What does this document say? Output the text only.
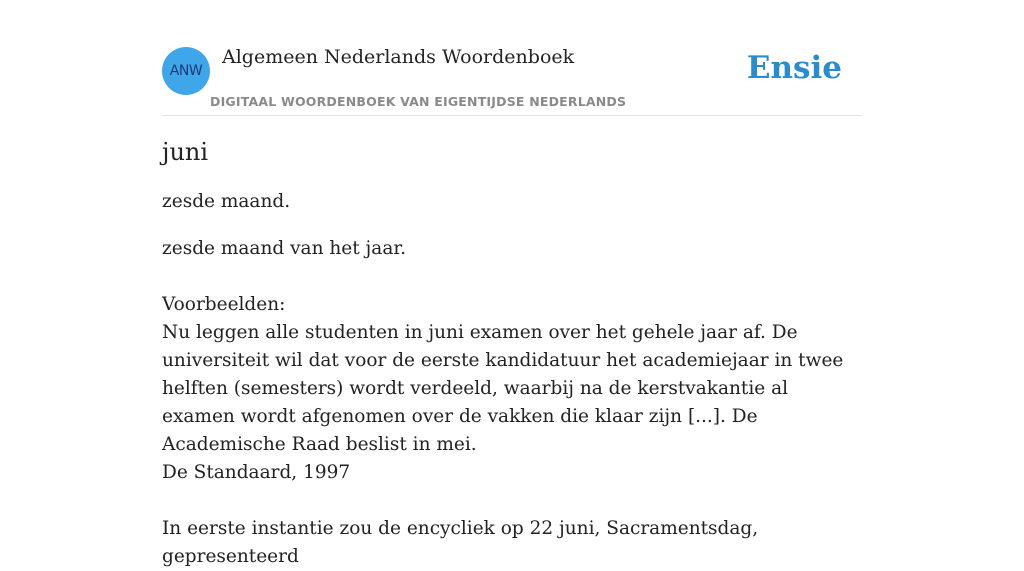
ANW
Algemeen Nederlands Woordenboek
DIGITAAL WOORDENBOEK VAN EIGENTIJDSE NEDERLANDS
Ensie
juni
zesde maand.
zesde maand van het jaar.
Voorbeelden:
Nu leggen alle studenten in juni examen over het gehele jaar af. De universiteit wil dat voor de eerste kandidatuur het academiejaar in twee helften (semesters) wordt verdeeld, waarbij na de kerstvakantie al examen wordt afgenomen over de vakken die klaar zijn [...]. De Academische Raad beslist in mei.
De Standaard, 1997
In eerste instantie zou de encycliek op 22 juni, Sacramentsdag, gepresenteerd
